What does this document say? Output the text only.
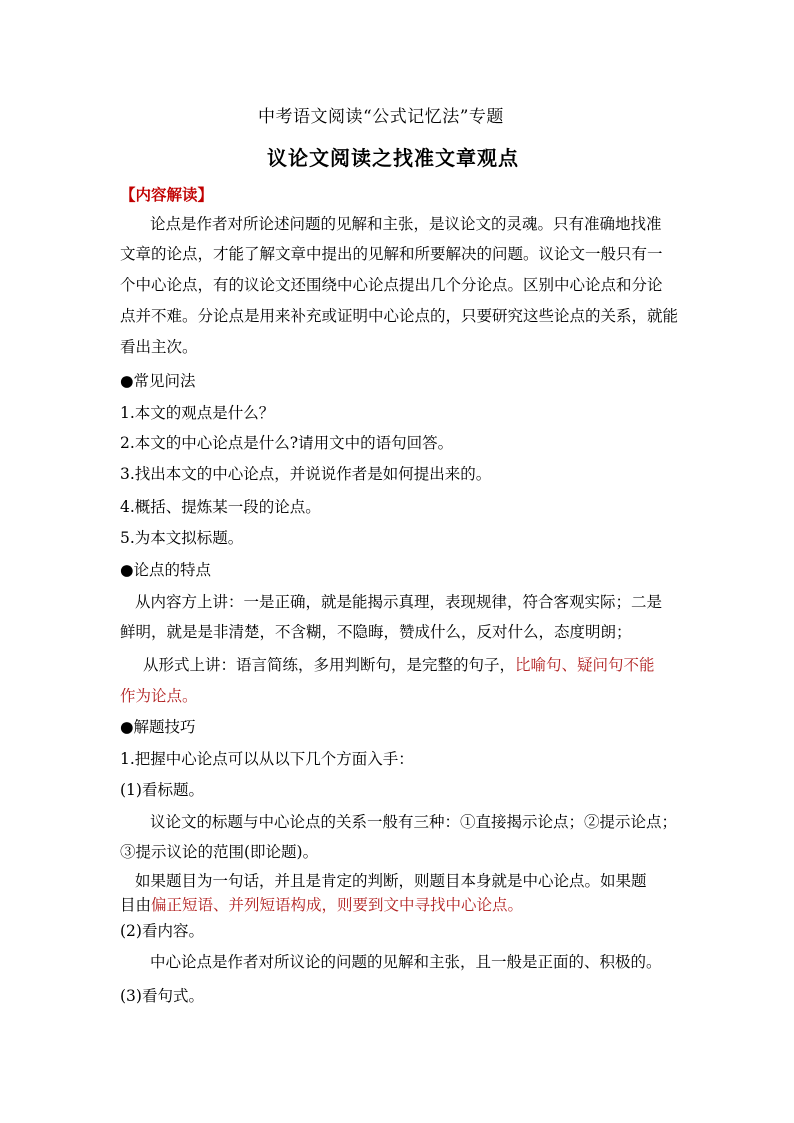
中考语文阅读“公式记忆法”专题
议论文阅读之找准文章观点
【内容解读】
论点是作者对所论述问题的见解和主张，是议论文的灵魂。只有准确地找准
文章的论点，才能了解文章中提出的见解和所要解决的问题。议论文一般只有一
个中心论点，有的议论文还围绕中心论点提出几个分论点。区别中心论点和分论
点并不难。分论点是用来补充或证明中心论点的，只要研究这些论点的关系，就能
看出主次。
●常见问法
1.本文的观点是什么？
2.本文的中心论点是什么?请用文中的语句回答。
3.找出本文的中心论点，并说说作者是如何提出来的。
4.概括、提炼某一段的论点。
5.为本文拟标题。
●论点的特点
从内容方上讲：一是正确，就是能揭示真理，表现规律，符合客观实际；二是
鲜明，就是是非清楚，不含糊，不隐晦，赞成什么，反对什么，态度明朗；
从形式上讲：语言简练，多用判断句，是完整的句子，比喻句、疑问句不能
作为论点。
●解题技巧
1.把握中心论点可以从以下几个方面入手：
(1)看标题。
议论文的标题与中心论点的关系一般有三种：①直接揭示论点；②提示论点；
③提示议论的范围(即论题)。
如果题目为一句话，并且是肯定的判断，则题目本身就是中心论点。如果题
目由偏正短语、并列短语构成，则要到文中寻找中心论点。
(2)看内容。
中心论点是作者对所议论的问题的见解和主张，且一般是正面的、积极的。
(3)看句式。
